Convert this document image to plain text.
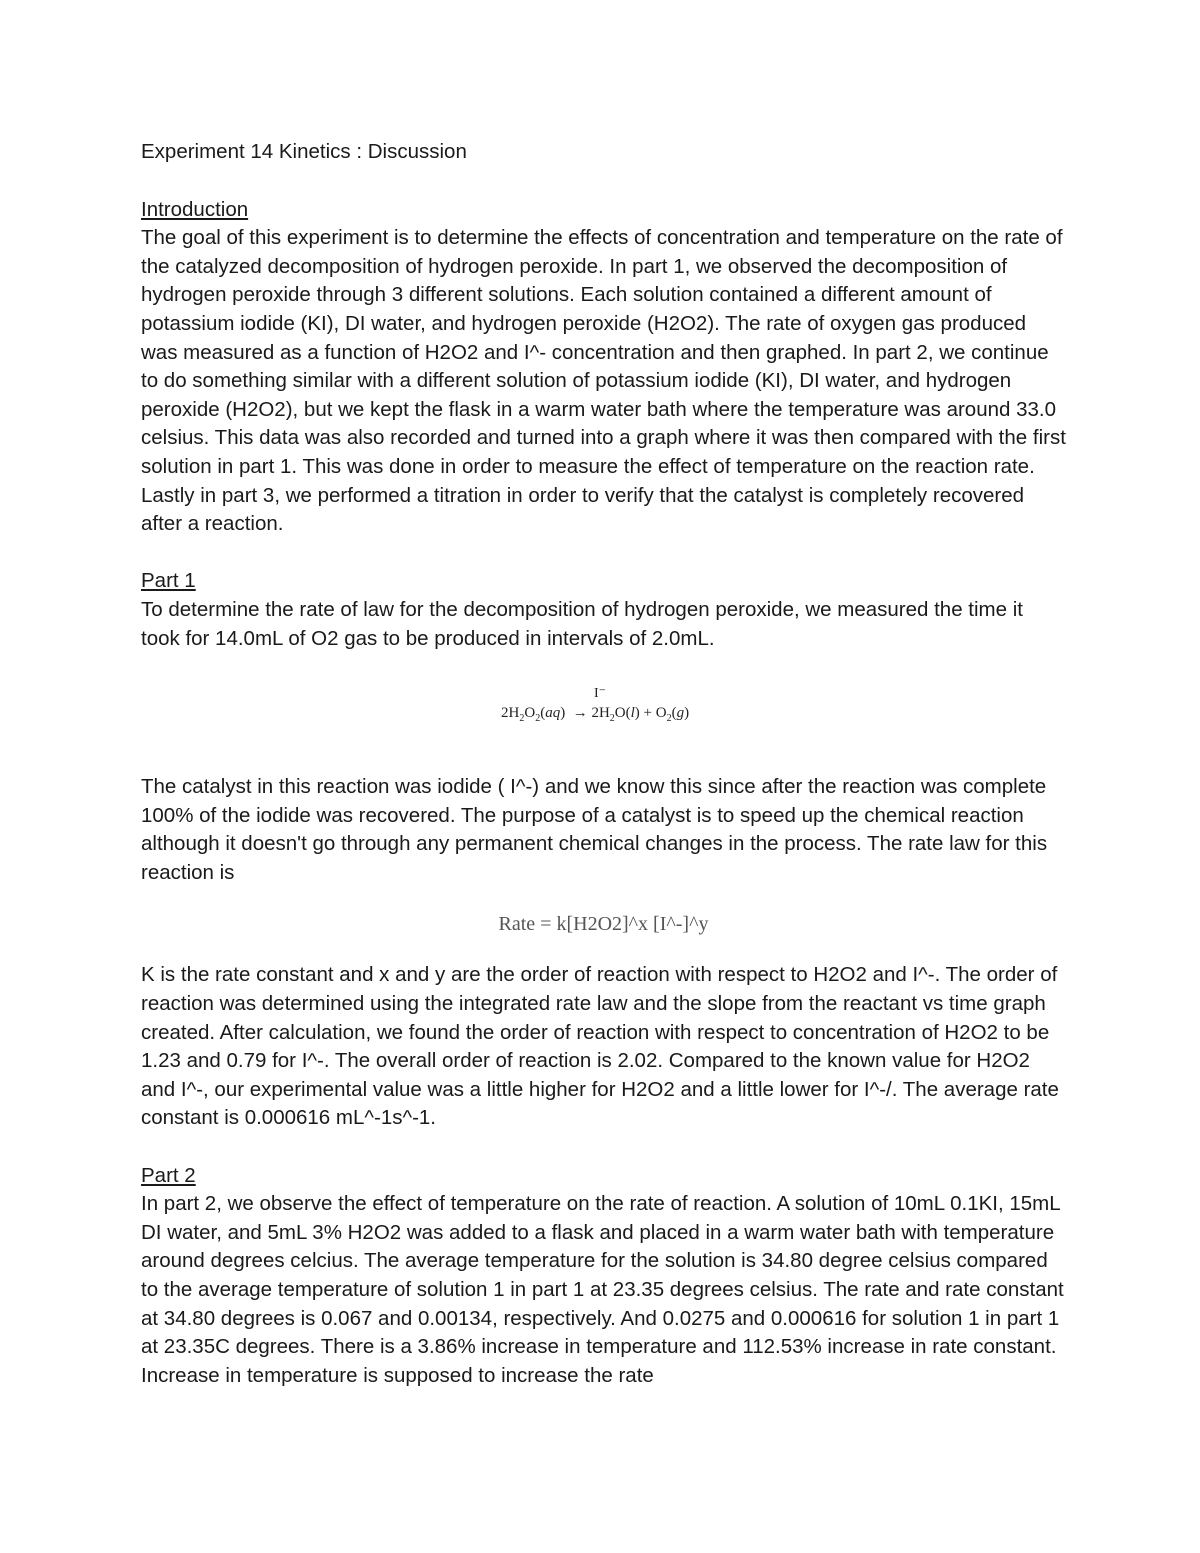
Experiment 14 Kinetics : Discussion
Introduction

The goal of this experiment is to determine the effects of concentration and temperature on the rate of the catalyzed decomposition of hydrogen peroxide. In part 1, we observed the decomposition of hydrogen peroxide through 3 different solutions. Each solution contained a different amount of potassium iodide (KI), DI water, and hydrogen peroxide (H2O2). The rate of oxygen gas produced was measured as a function of H2O2 and I^- concentration and then graphed. In part 2, we continue to do something similar with a different solution of potassium iodide (KI), DI water, and hydrogen peroxide (H2O2), but we kept the flask in a warm water bath where the temperature was around 33.0 celsius. This data was also recorded and turned into a graph where it was then compared with the first solution in part 1. This was done in order to measure the effect of temperature on the reaction rate. Lastly in part 3, we performed a titration in order to verify that the catalyst is completely recovered after a reaction.

Part 1

To determine the rate of law for the decomposition of hydrogen peroxide, we measured the time it took for 14.0mL of O2 gas to be produced in intervals of 2.0mL.

I⁻
$2H_2O_2(aq) \to 2H_2O(l) + O_2(g)$

The catalyst in this reaction was iodide ( I^-) and we know this since after the reaction was complete 100% of the iodide was recovered. The purpose of a catalyst is to speed up the chemical reaction although it doesn't go through any permanent chemical changes in the process. The rate law for this reaction is

Rate = k[H2O2]^x [I^-]^y

K is the rate constant and x and y are the order of reaction with respect to H2O2 and I^-. The order of reaction was determined using the integrated rate law and the slope from the reactant vs time graph created. After calculation, we found the order of reaction with respect to concentration of H2O2 to be 1.23 and 0.79 for I^-. The overall order of reaction is 2.02. Compared to the known value for H2O2 and I^-, our experimental value was a little higher for H2O2 and a little lower for I^-/. The average rate constant is 0.000616 mL^-1s^-1.

Part 2

In part 2, we observe the effect of temperature on the rate of reaction. A solution of 10mL 0.1KI, 15mL DI water, and 5mL 3% H2O2 was added to a flask and placed in a warm water bath with temperature around degrees celcius. The average temperature for the solution is 34.80 degree celsius compared to the average temperature of solution 1 in part 1 at 23.35 degrees celsius. The rate and rate constant at 34.80 degrees is 0.067 and 0.00134, respectively. And 0.0275 and 0.000616 for solution 1 in part 1 at 23.35C degrees. There is a 3.86% increase in temperature and 112.53% increase in rate constant. Increase in temperature is supposed to increase the rate
